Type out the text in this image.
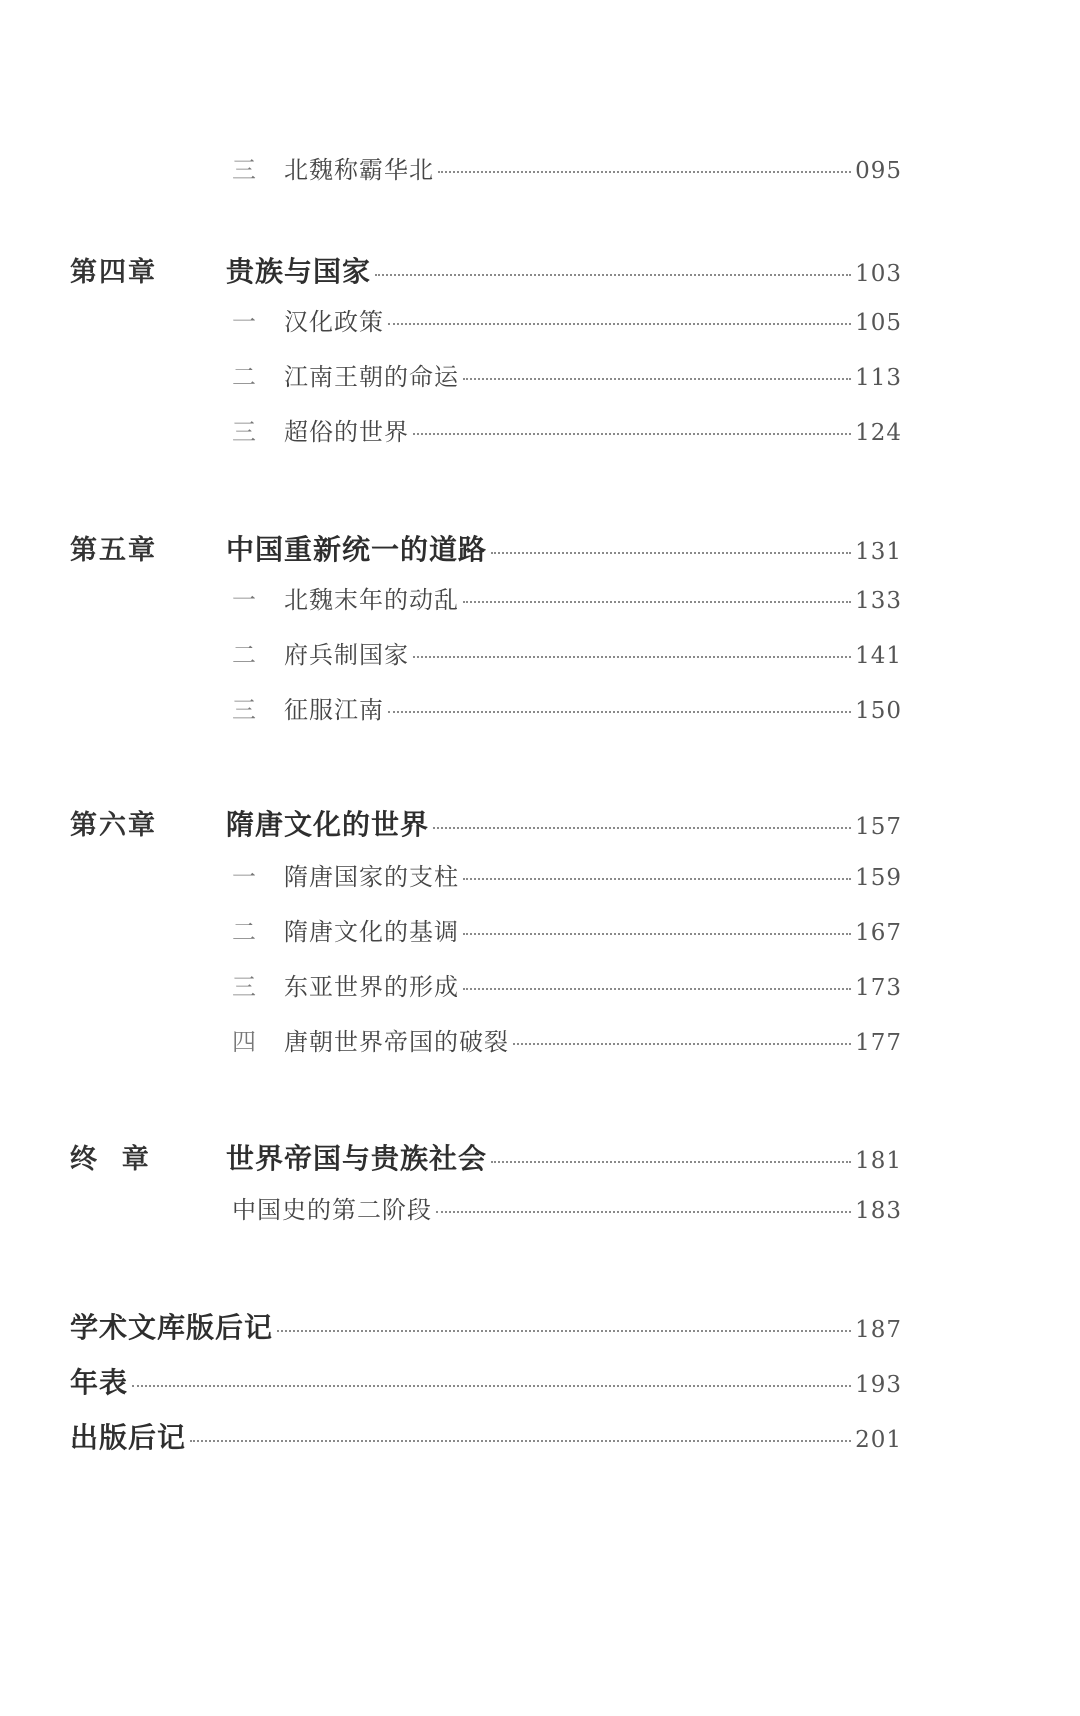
三	北魏称霸华北	095
第四章 贵族与国家	103
一	汉化政策	105
二	江南王朝的命运	113
三	超俗的世界	124
第五章 中国重新统一的道路	131
一	北魏末年的动乱	133
二	府兵制国家	141
三	征服江南	150
第六章 隋唐文化的世界	157
一	隋唐国家的支柱	159
二	隋唐文化的基调	167
三	东亚世界的形成	173
四	唐朝世界帝国的破裂	177
终  章	世界帝国与贵族社会	181
中国史的第二阶段	183
学术文库版后记	187
年表	193
出版后记	201
